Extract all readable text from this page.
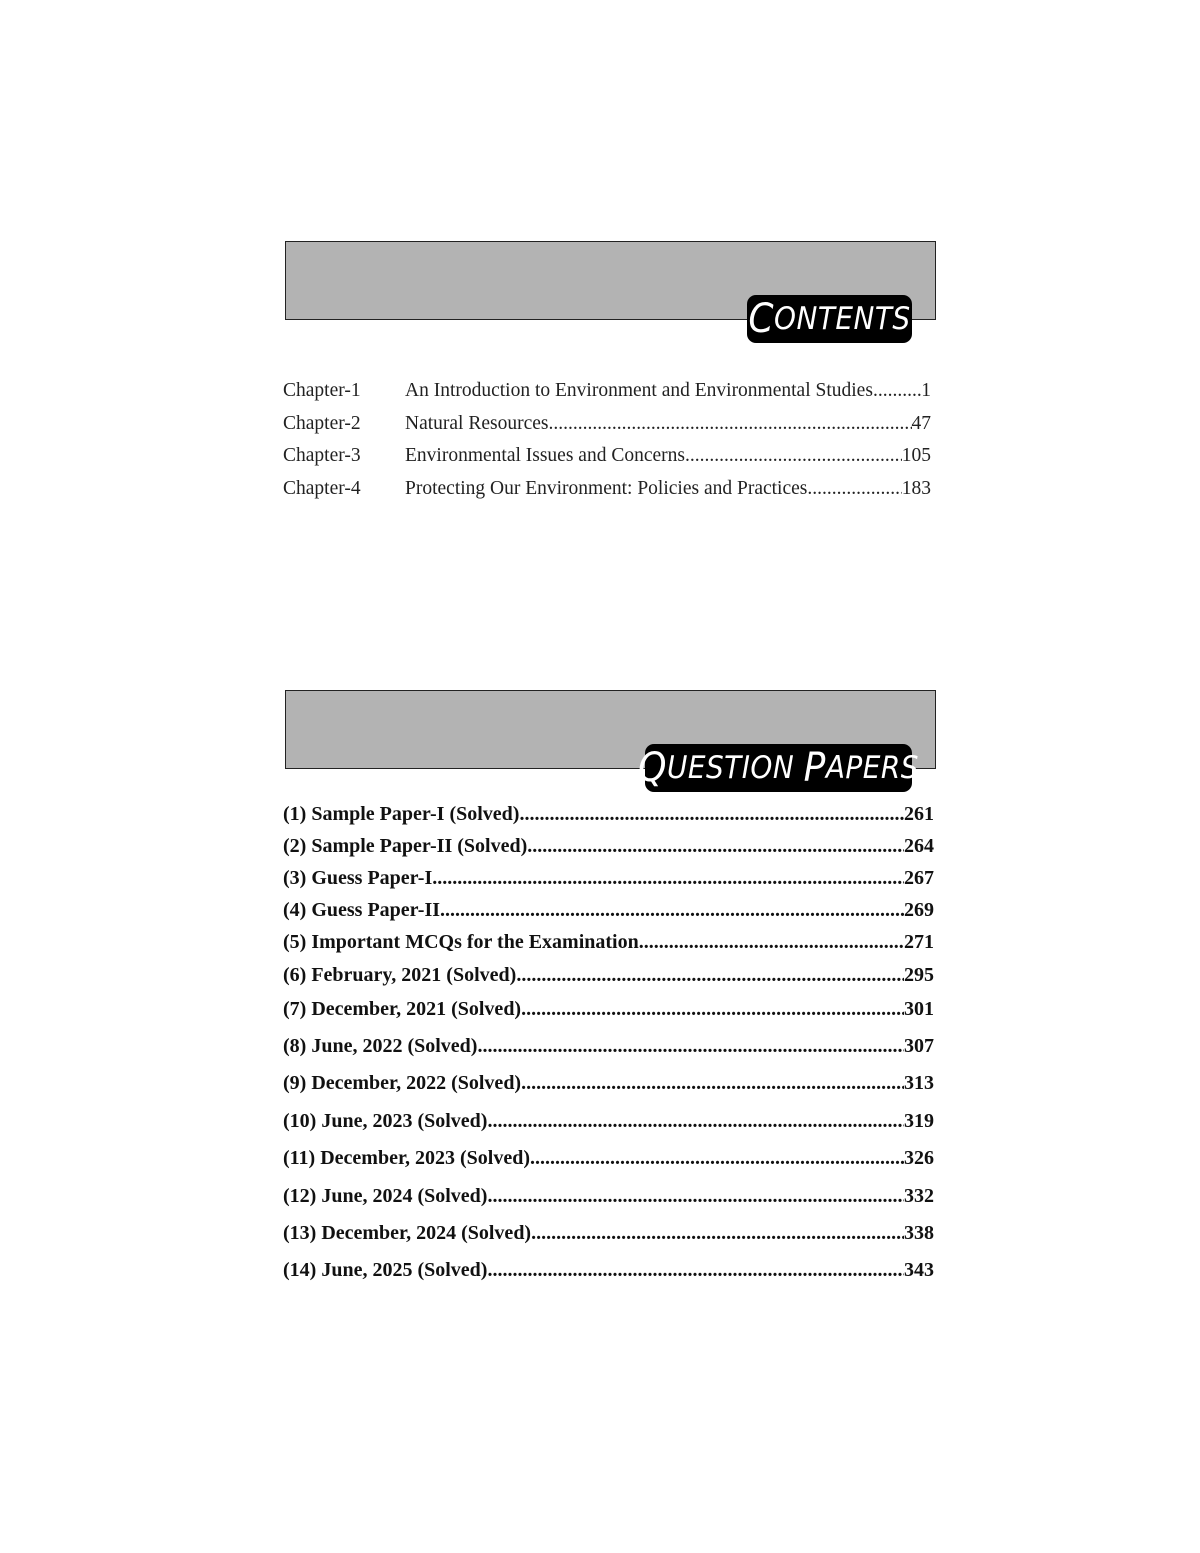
C ONTENTS
Chapter-1	An Introduction to Environment and Environmental Studies ..... 1
Chapter-2	Natural Resources .....	47
Chapter-3	Environmental Issues and Concerns .....	105
Chapter-4	Protecting Our Environment: Policies and Practices .....	183
Q UESTION P APERS
(1) Sample Paper-I (Solved) .....	261
(2) Sample Paper-II (Solved) .....	264
(3) Guess Paper-I .....	267
(4) Guess Paper-II .....	269
(5) Important MCQs for the Examination .....	271
(6) February, 2021 (Solved) .....	295
(7) December, 2021 (Solved) .....	301
(8) June, 2022 (Solved) .....	307
(9) December, 2022 (Solved) .....	313
(10) June, 2023 (Solved) .....	319
(11) December, 2023 (Solved) .....	326
(12) June, 2024 (Solved) .....	332
(13) December, 2024 (Solved) .....	338
(14) June, 2025 (Solved) .....	343
